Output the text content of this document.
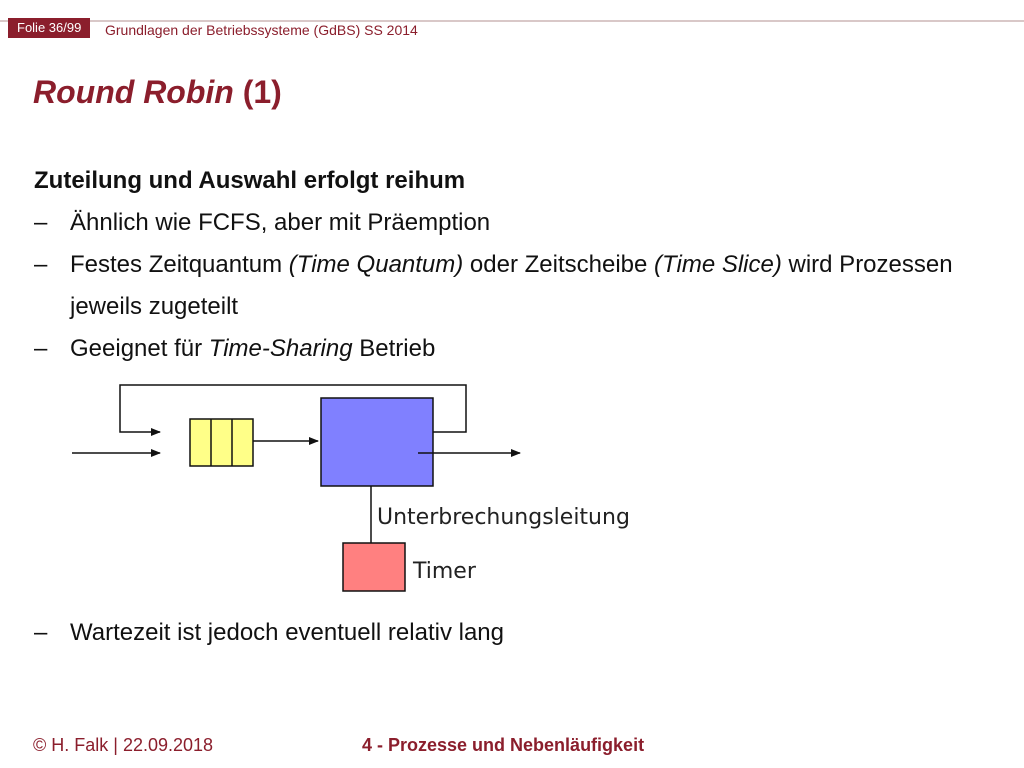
Folie 36/99	Grundlagen der Betriebssysteme (GdBS) SS 2014
Round Robin (1)

Zuteilung und Auswahl erfolgt reihum

– Ähnlich wie FCFS, aber mit Präemption

– Festes Zeitquantum (Time Quantum) oder Zeitscheibe (Time Slice) wird Prozessen jeweils zugeteilt

– Geeignet für Time-Sharing Betrieb

Unterbrechungsleitung
Timer

– Wartezeit ist jedoch eventuell relativ lang

© H. Falk | 22.09.2018	4 - Prozesse und Nebenläufigkeit
